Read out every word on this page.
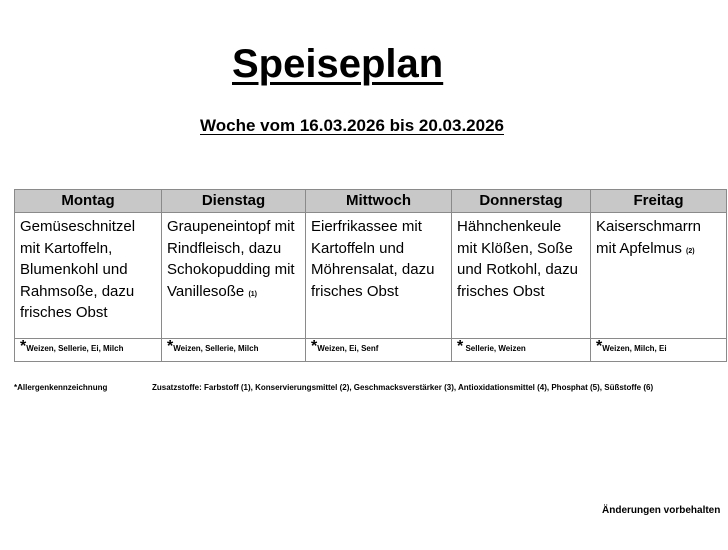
Speiseplan
Woche vom 16.03.2026 bis 20.03.2026
Montag	Dienstag	Mittwoch	Donnerstag	Freitag
Gemüseschnitzel mit Kartoffeln, Blumenkohl und Rahmsoße, dazu frisches Obst	Graupeneintopf mit Rindfleisch, dazu Schokopudding mit Vanillesoße (1)	Eierfrikassee mit Kartoffeln und Möhrensalat, dazu frisches Obst	Hähnchenkeule mit Klößen, Soße und Rotkohl, dazu frisches Obst	Kaiserschmarrn mit Apfelmus (2)
*Weizen, Sellerie, Ei, Milch	*Weizen, Sellerie, Milch	*Weizen, Ei, Senf	* Sellerie, Weizen	*Weizen, Milch, Ei
*Allergenkennzeichnung	Zusatzstoffe: Farbstoff (1), Konservierungsmittel (2), Geschmacksverstärker (3), Antioxidationsmittel (4), Phosphat (5), Süßstoffe (6)
Änderungen vorbehalten
